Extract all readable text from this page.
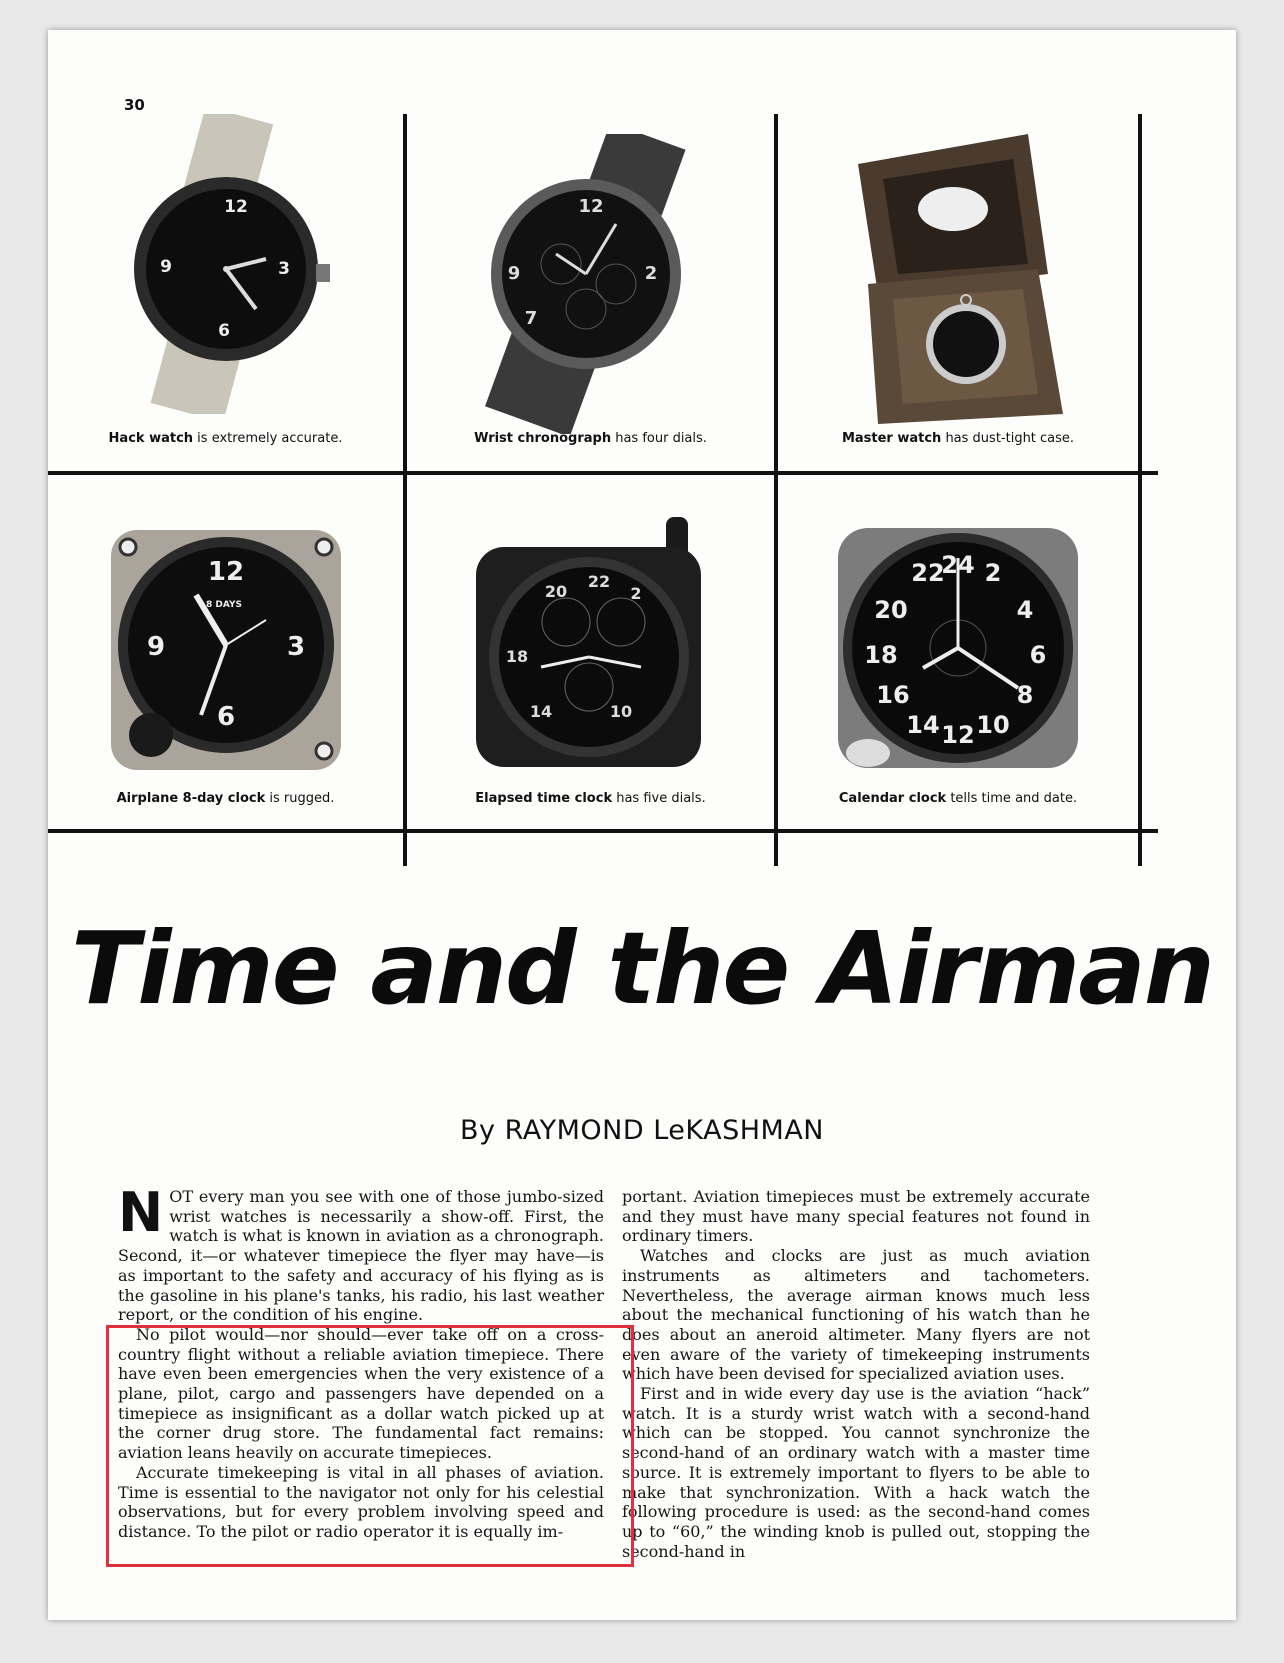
30
12
3
6
9
Hack watch is extremely accurate.
12
2
9
7
Wrist chronograph has four dials.	Master watch has dust-tight case.
12
3
6
9
8 DAYS
Airplane 8-day clock is rugged.
20
22
2
18
14	10
Elapsed time clock has five dials.
24
22 2
20	4
18	6
16
14 12 10
8
Calendar clock tells time and date.
Time and the Airman
By RAYMOND LeKASHMAN

NOT every man you see with one of those jumbo-sized wrist watches is necessarily a show-off. First, the watch is what is known in aviation as a chronograph. Second, it—or whatever timepiece the flyer may have—is as important to the safety and accuracy of his flying as is the gasoline in his plane's tanks, his radio, his last weather report, or the condition of his engine.

No pilot would—nor should—ever take off on a cross-country flight without a reliable aviation timepiece. There have even been emergencies when the very existence of a plane, pilot, cargo and passengers have depended on a timepiece as insignificant as a dollar watch picked up at the corner drug store. The fundamental fact remains: aviation leans heavily on accurate timepieces.

Accurate timekeeping is vital in all phases of aviation. Time is essential to the navigator not only for his celestial observations, but for every problem involving speed and distance. To the pilot or radio operator it is equally im-

portant. Aviation timepieces must be extremely accurate and they must have many special features not found in ordinary timers.

Watches and clocks are just as much aviation instruments as altimeters and tachometers. Nevertheless, the average airman knows much less about the mechanical functioning of his watch than he does about an aneroid altimeter. Many flyers are not even aware of the variety of timekeeping instruments which have been devised for specialized aviation uses.

First and in wide every day use is the aviation “hack” watch. It is a sturdy wrist watch with a second-hand which can be stopped. You cannot synchronize the second-hand of an ordinary watch with a master time source. It is extremely important to flyers to be able to make that synchronization. With a hack watch the following procedure is used: as the second-hand comes up to “60,” the winding knob is pulled out, stopping the second-hand in
